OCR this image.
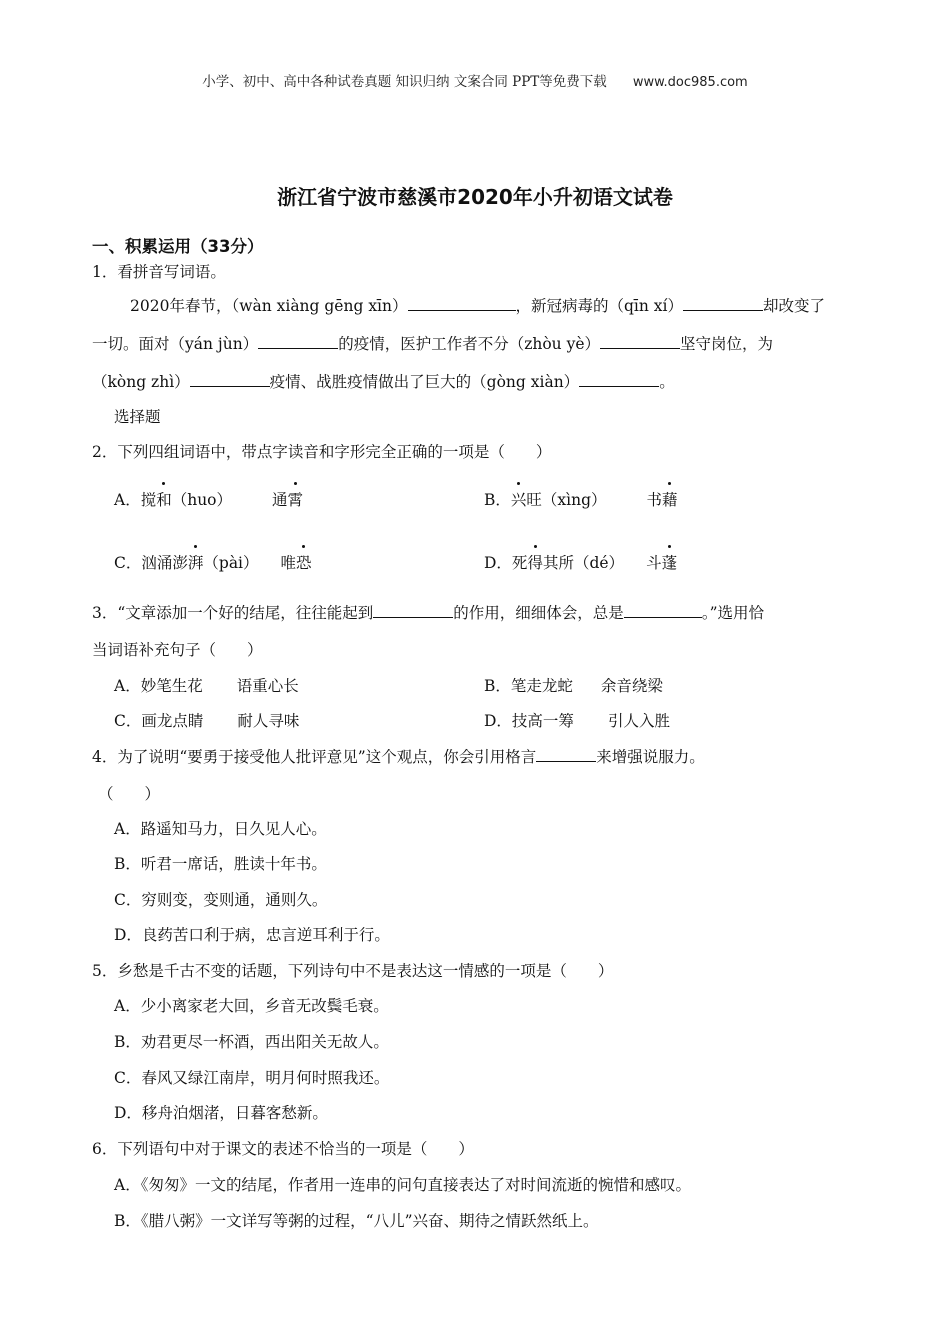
小学、初中、高中各种试卷真题 知识归纳 文案合同 PPT等免费下载 www.doc985.com
浙江省宁波市慈溪市2020年小升初语文试卷
一、积累运用（33分）
1．看拼音写词语。
2020年春节，（wàn xiàng gēng xīn）	，新冠病毒的（qīn xí）	却改变了
一切。面对（yán jùn）	的疫情，医护工作者不分（zhòu yè）	坚守岗位，为
（kòng zhì）	疫情、战胜疫情做出了巨大的（gòng xiàn）	。
选择题
2．下列四组词语中，带点字读音和字形完全正确的一项是（　　）
A．搅和（huo）	通霄	B．兴旺（xìng）	书藉
C．汹涌澎湃（pài） 唯恐	D．死得其所（dé） 斗蓬
3．“文章添加一个好的结尾，往往能起到	的作用，细细体会，总是	。”选用恰
当词语补充句子（　　）
A．妙笔生花 语重心长	B．笔走龙蛇 余音绕梁
C．画龙点睛 耐人寻味	D．技高一筹 引人入胜
4．为了说明“要勇于接受他人批评意见”这个观点，你会引用格言	来增强说服力。
（　　）
A．路遥知马力，日久见人心。
B．听君一席话，胜读十年书。
C．穷则变，变则通，通则久。
D．良药苦口利于病，忠言逆耳利于行。
5．乡愁是千古不变的话题，下列诗句中不是表达这一情感的一项是（　　）
A．少小离家老大回，乡音无改鬓毛衰。
B．劝君更尽一杯酒，西出阳关无故人。
C．春风又绿江南岸，明月何时照我还。
D．移舟泊烟渚，日暮客愁新。
6．下列语句中对于课文的表述不恰当的一项是（　　）
A．《匆匆》一文的结尾，作者用一连串的问句直接表达了对时间流逝的惋惜和感叹。
B．《腊八粥》一文详写等粥的过程，“八儿”兴奋、期待之情跃然纸上。
